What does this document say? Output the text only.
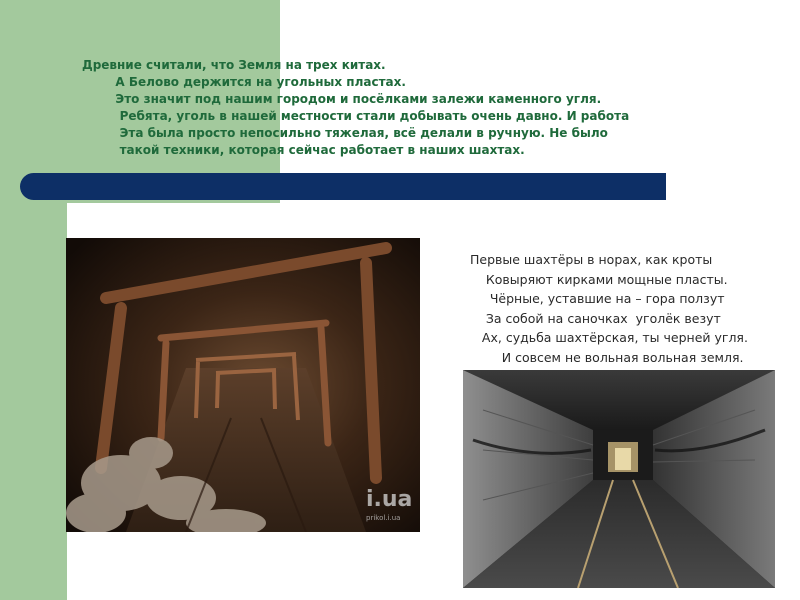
Древние считали, что Земля на трех китах.
А Белово держится на угольных пластах.
Это значит под нашим городом и посёлками залежи каменного угля.
Ребята, уголь в нашей местности стали добывать очень давно. И работа
Эта была просто непосильно тяжелая, всё делали в ручную. Не было
такой техники, которая сейчас работает в наших шахтах.

i.ua
prikol.i.ua

Первые шахтёры в норах, как кроты
Ковыряют кирками мощные пласты.
Чёрные, уставшие на – гора ползут
За собой на саночках  уголёк везут
Ах, судьба шахтёрская, ты черней угля.
И совсем не вольная вольная земля.
